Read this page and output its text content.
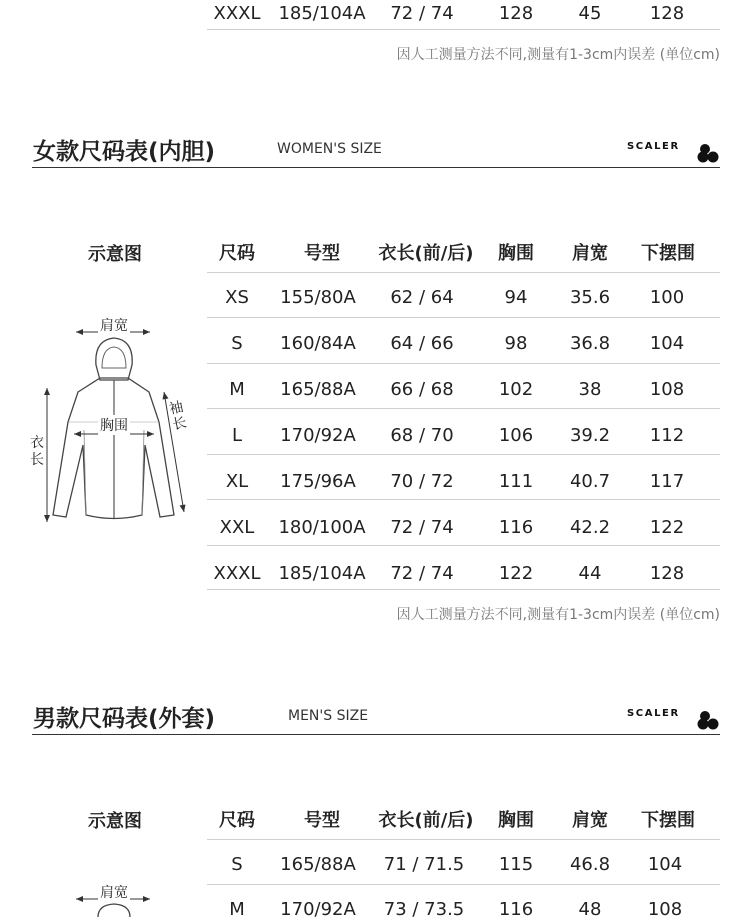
XXXL 185/104A 72 / 74	128	45	128
因人工测量方法不同,测量有1-3cm内误差 (单位cm)
女款尺码表(内胆)	WOMEN'S SIZE	SCALER
示意图
肩宽
胸围
袖长
衣长
尺码	号型 衣长(前/后) 胸围 肩宽 下摆围
XS 155/80A 62 / 64	94 35.6 100
S 160/84A 64 / 66	98 36.8 104
M 165/88A 66 / 68	102	38	108
L 170/92A 68 / 70	106 39.2 112
XL 175/96A 70 / 72	111 40.7 117
XXL 180/100A 72 / 74	116 42.2 122
XXXL 185/104A 72 / 74	122	44	128
因人工测量方法不同,测量有1-3cm内误差 (单位cm)
男款尺码表(外套)	MEN'S SIZE	SCALER
示意图
肩宽
尺码	号型 衣长(前/后) 胸围 肩宽 下摆围
S 165/88A 71 / 71.5 115 46.8 104
M 170/92A 73 / 73.5 116	48	108
